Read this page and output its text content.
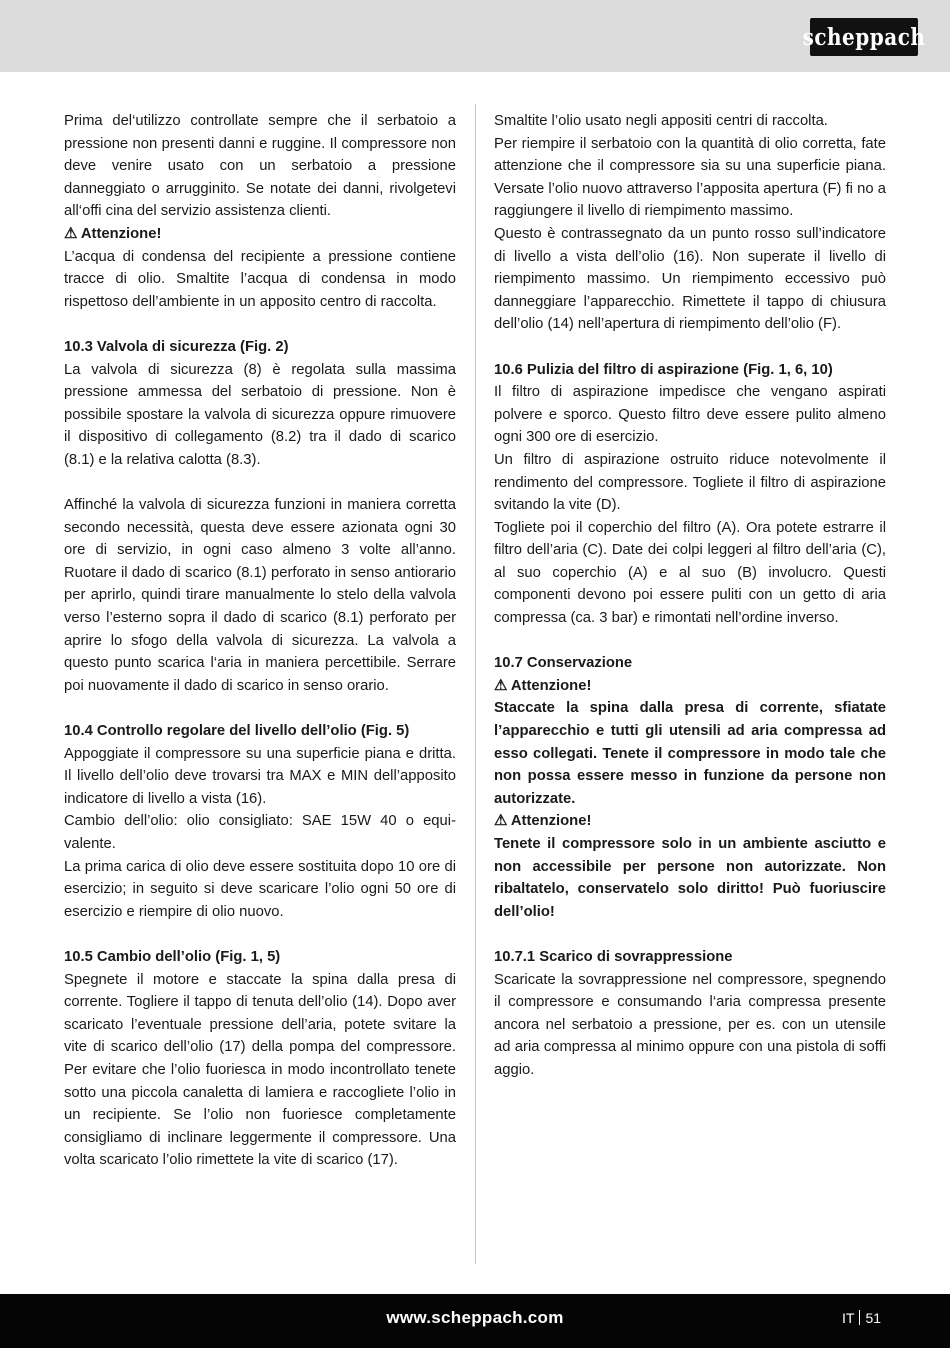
scheppach

Prima del‘utilizzo controllate sempre che il serbatoio a pressione non presenti danni e ruggine. Il compressore non deve venire usato con un serbatoio a pressione danneggiato o arrugginito. Se notate dei danni, rivolgetevi all‘offi cina del servizio assistenza clienti.

⚠ Attenzione!

L’acqua di condensa del recipiente a pressione contiene tracce di olio. Smaltite l’acqua di condensa in modo rispettoso dell’ambiente in un apposito centro di raccolta.

10.3 Valvola di sicurezza (Fig. 2)

La valvola di sicurezza (8) è regolata sulla massima pressione ammessa del serbatoio di pressione. Non è possibile spostare la valvola di sicurezza oppure rimuovere il dispositivo di collegamento (8.2) tra il dado di scarico (8.1) e la relativa calotta (8.3).

Affinché la valvola di sicurezza funzioni in maniera corretta secondo necessità, questa deve essere azionata ogni 30 ore di servizio, in ogni caso almeno 3 volte all’anno. Ruotare il dado di scarico (8.1) perforato in senso antiorario per aprirlo, quindi tirare manualmente lo stelo della valvola verso l’esterno sopra il dado di scarico (8.1) perforato per aprire lo sfogo della valvola di sicurezza. La valvola a questo punto scarica l‘aria in maniera percettibile. Serrare poi nuovamente il dado di scarico in senso orario.

10.4 Controllo regolare del livello dell’olio (Fig. 5)

Appoggiate il compressore su una superficie piana e dritta. Il livello dell’olio deve trovarsi tra MAX e MIN dell’apposito indicatore di livello a vista (16).

Cambio dell’olio: olio consigliato: SAE 15W 40 o equivalente.

La prima carica di olio deve essere sostituita dopo 10 ore di esercizio; in seguito si deve scaricare l’olio ogni 50 ore di esercizio e riempire di olio nuovo.

10.5 Cambio dell’olio (Fig. 1, 5)

Spegnete il motore e staccate la spina dalla presa di corrente. Togliere il tappo di tenuta dell’olio (14). Dopo aver scaricato l’eventuale pressione dell’aria, potete svitare la vite di scarico dell’olio (17) della pompa del compressore. Per evitare che l’olio fuoriesca in modo incontrollato tenete sotto una piccola canaletta di lamiera e raccogliete l’olio in un recipiente. Se l’olio non fuoriesce completamente consigliamo di inclinare leggermente il compressore. Una volta scaricato l’olio rimettete la vite di scarico (17).

Smaltite l’olio usato negli appositi centri di raccolta.

Per riempire il serbatoio con la quantità di olio corretta, fate attenzione che il compressore sia su una superficie piana. Versate l’olio nuovo attraverso l’apposita apertura (F) fi no a raggiungere il livello di riempimento massimo.

Questo è contrassegnato da un punto rosso sull’indicatore di livello a vista dell’olio (16). Non superate il livello di riempimento massimo. Un riempimento eccessivo può danneggiare l’apparecchio. Rimettete il tappo di chiusura dell’olio (14) nell’apertura di riempimento dell’olio (F).

10.6 Pulizia del filtro di aspirazione (Fig. 1, 6, 10)

Il filtro di aspirazione impedisce che vengano aspirati polvere e sporco. Questo filtro deve essere pulito almeno ogni 300 ore di esercizio.

Un filtro di aspirazione ostruito riduce notevolmente il rendimento del compressore. Togliete il filtro di aspirazione svitando la vite (D).

Togliete poi il coperchio del filtro (A). Ora potete estrarre il filtro dell’aria (C). Date dei colpi leggeri al filtro dell’aria (C), al suo coperchio (A) e al suo (B) involucro. Questi componenti devono poi essere puliti con un getto di aria compressa (ca. 3 bar) e rimontati nell’ordine inverso.

10.7 Conservazione

⚠ Attenzione!

Staccate la spina dalla presa di corrente, sfiatate l’apparecchio e tutti gli utensili ad aria compressa ad esso collegati. Tenete il compressore in modo tale che non possa essere messo in funzione da persone non autorizzate.

⚠ Attenzione!

Tenete il compressore solo in un ambiente asciutto e non accessibile per persone non autorizzate. Non ribaltatelo, conservatelo solo diritto! Può fuoriuscire dell’olio!

10.7.1 Scarico di sovrappressione

Scaricate la sovrappressione nel compressore, spegnendo il compressore e consumando l‘aria compressa presente ancora nel serbatoio a pressione, per es. con un utensile ad aria compressa al minimo oppure con una pistola di soffi aggio.

www.scheppach.com	IT 51
